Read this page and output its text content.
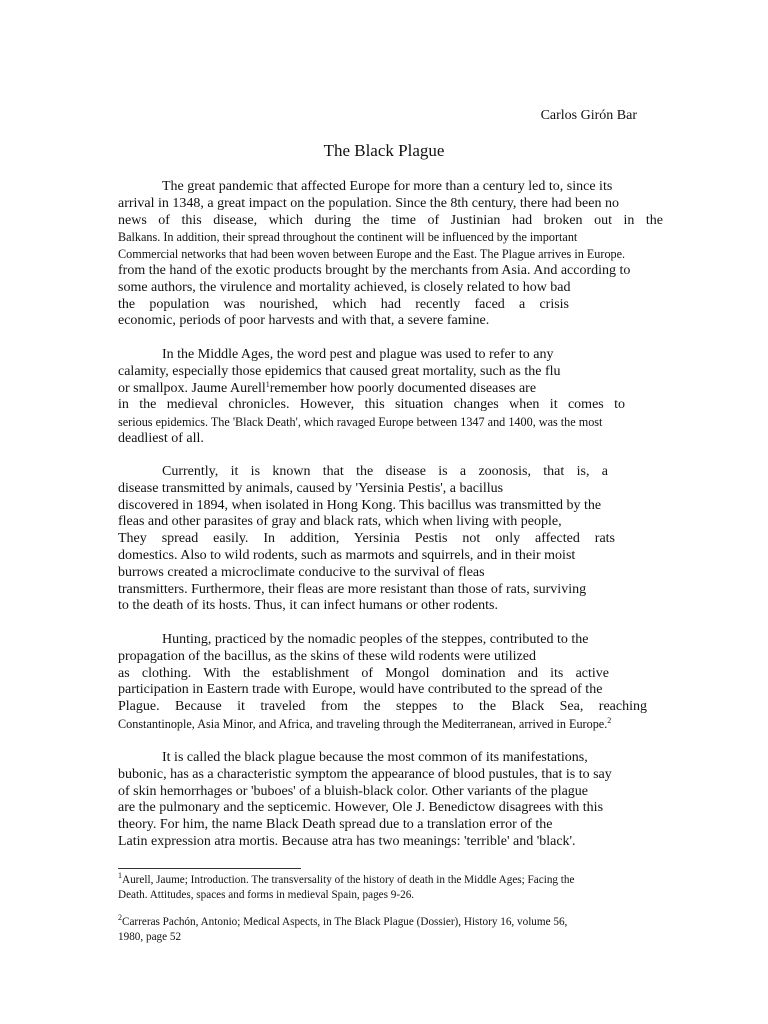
Carlos Girón Bar
The Black Plague
The great pandemic that affected Europe for more than a century led to, since its
arrival in 1348, a great impact on the population. Since the 8th century, there had been no
news of this disease, which during the time of Justinian had broken out in the
Balkans. In addition, their spread throughout the continent will be influenced by the important
Commercial networks that had been woven between Europe and the East. The Plague arrives in Europe.
from the hand of the exotic products brought by the merchants from Asia. And according to
some authors, the virulence and mortality achieved, is closely related to how bad
the population was nourished, which had recently faced a crisis
economic, periods of poor harvests and with that, a severe famine.
In the Middle Ages, the word pest and plague was used to refer to any
calamity, especially those epidemics that caused great mortality, such as the flu
or smallpox. Jaume Aurell$^1$remember how poorly documented diseases are
in the medieval chronicles. However, this situation changes when it comes to
serious epidemics. The 'Black Death', which ravaged Europe between 1347 and 1400, was the most
deadliest of all.
Currently, it is known that the disease is a zoonosis, that is, a
disease transmitted by animals, caused by 'Yersinia Pestis', a bacillus
discovered in 1894, when isolated in Hong Kong. This bacillus was transmitted by the
fleas and other parasites of gray and black rats, which when living with people,
They spread easily. In addition, Yersinia Pestis not only affected rats
domestics. Also to wild rodents, such as marmots and squirrels, and in their moist
burrows created a microclimate conducive to the survival of fleas
transmitters. Furthermore, their fleas are more resistant than those of rats, surviving
to the death of its hosts. Thus, it can infect humans or other rodents.
Hunting, practiced by the nomadic peoples of the steppes, contributed to the
propagation of the bacillus, as the skins of these wild rodents were utilized
as clothing. With the establishment of Mongol domination and its active
participation in Eastern trade with Europe, would have contributed to the spread of the
Plague. Because it traveled from the steppes to the Black Sea, reaching
Constantinople, Asia Minor, and Africa, and traveling through the Mediterranean, arrived in Europe.$^2$
It is called the black plague because the most common of its manifestations,
bubonic, has as a characteristic symptom the appearance of blood pustules, that is to say
of skin hemorrhages or 'buboes' of a bluish-black color. Other variants of the plague
are the pulmonary and the septicemic. However, Ole J. Benedictow disagrees with this
theory. For him, the name Black Death spread due to a translation error of the
Latin expression atra mortis. Because atra has two meanings: 'terrible' and 'black'.
$^1$Aurell, Jaume; Introduction. The transversality of the history of death in the Middle Ages; Facing the
Death. Attitudes, spaces and forms in medieval Spain, pages 9-26.
$^2$Carreras Pachón, Antonio; Medical Aspects, in The Black Plague (Dossier), History 16, volume 56,
1980, page 52
